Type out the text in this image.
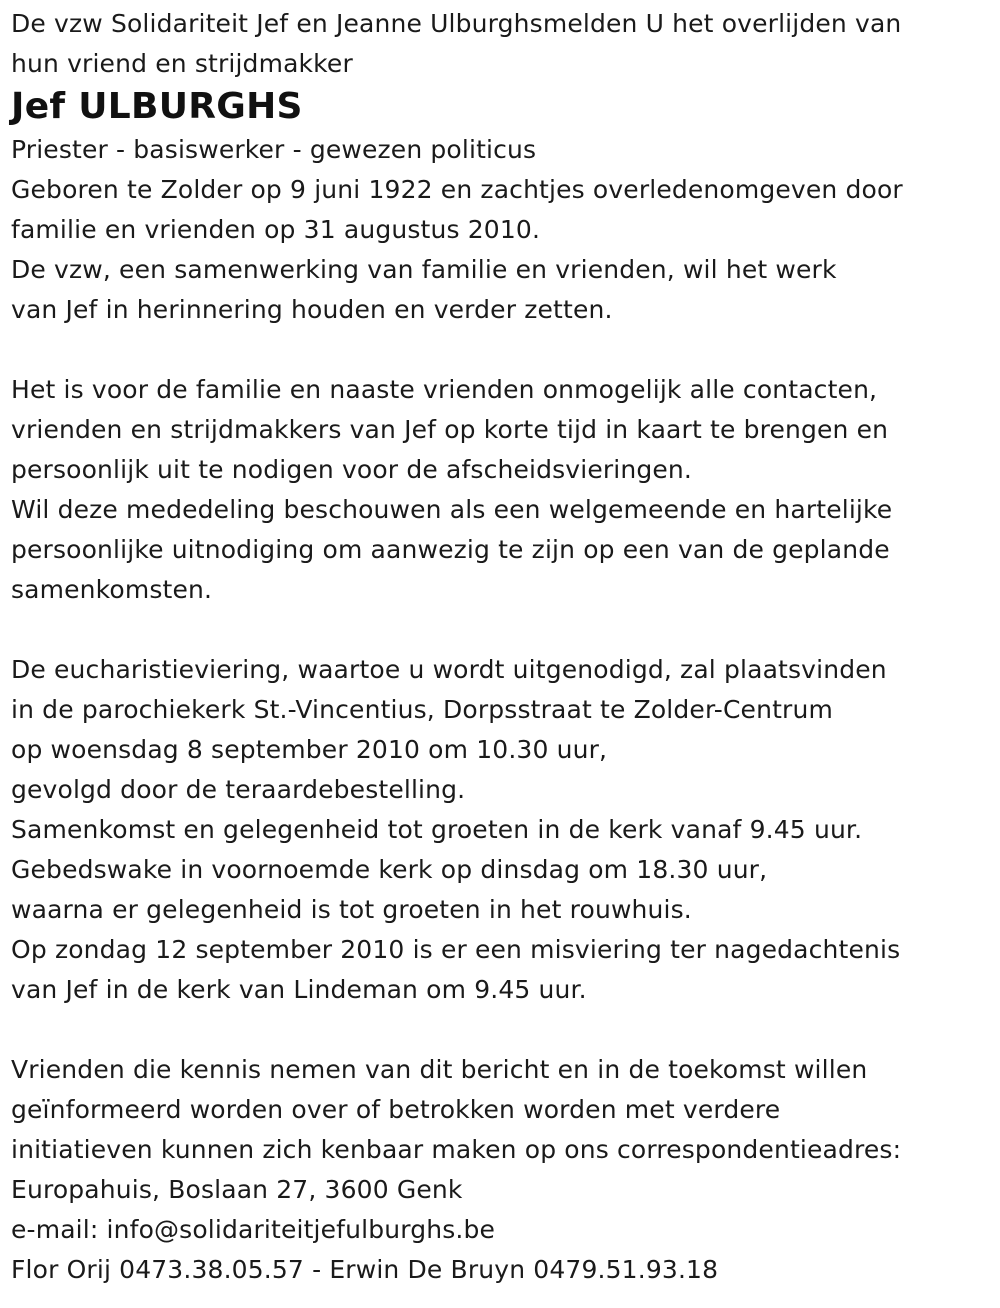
De vzw Solidariteit Jef en Jeanne Ulburghsmelden U het overlijden van
hun vriend en strijdmakker
Jef ULBURGHS
Priester - basiswerker - gewezen politicus
Geboren te Zolder op 9 juni 1922 en zachtjes overledenomgeven door
familie en vrienden op 31 augustus 2010.
De vzw, een samenwerking van familie en vrienden, wil het werk
van Jef in herinnering houden en verder zetten.
Het is voor de familie en naaste vrienden onmogelijk alle contacten,
vrienden en strijdmakkers van Jef op korte tijd in kaart te brengen en
persoonlijk uit te nodigen voor de afscheidsvieringen.
Wil deze mededeling beschouwen als een welgemeende en hartelijke
persoonlijke uitnodiging om aanwezig te zijn op een van de geplande
samenkomsten.
De eucharistieviering, waartoe u wordt uitgenodigd, zal plaatsvinden
in de parochiekerk St.-Vincentius, Dorpsstraat te Zolder-Centrum
op woensdag 8 september 2010 om 10.30 uur,
gevolgd door de teraardebestelling.
Samenkomst en gelegenheid tot groeten in de kerk vanaf 9.45 uur.
Gebedswake in voornoemde kerk op dinsdag om 18.30 uur,
waarna er gelegenheid is tot groeten in het rouwhuis.
Op zondag 12 september 2010 is er een misviering ter nagedachtenis
van Jef in de kerk van Lindeman om 9.45 uur.
Vrienden die kennis nemen van dit bericht en in de toekomst willen
geïnformeerd worden over of betrokken worden met verdere
initiatieven kunnen zich kenbaar maken op ons correspondentieadres:
Europahuis, Boslaan 27, 3600 Genk
e-mail: info@solidariteitjefulburghs.be
Flor Orij 0473.38.05.57 - Erwin De Bruyn 0479.51.93.18
